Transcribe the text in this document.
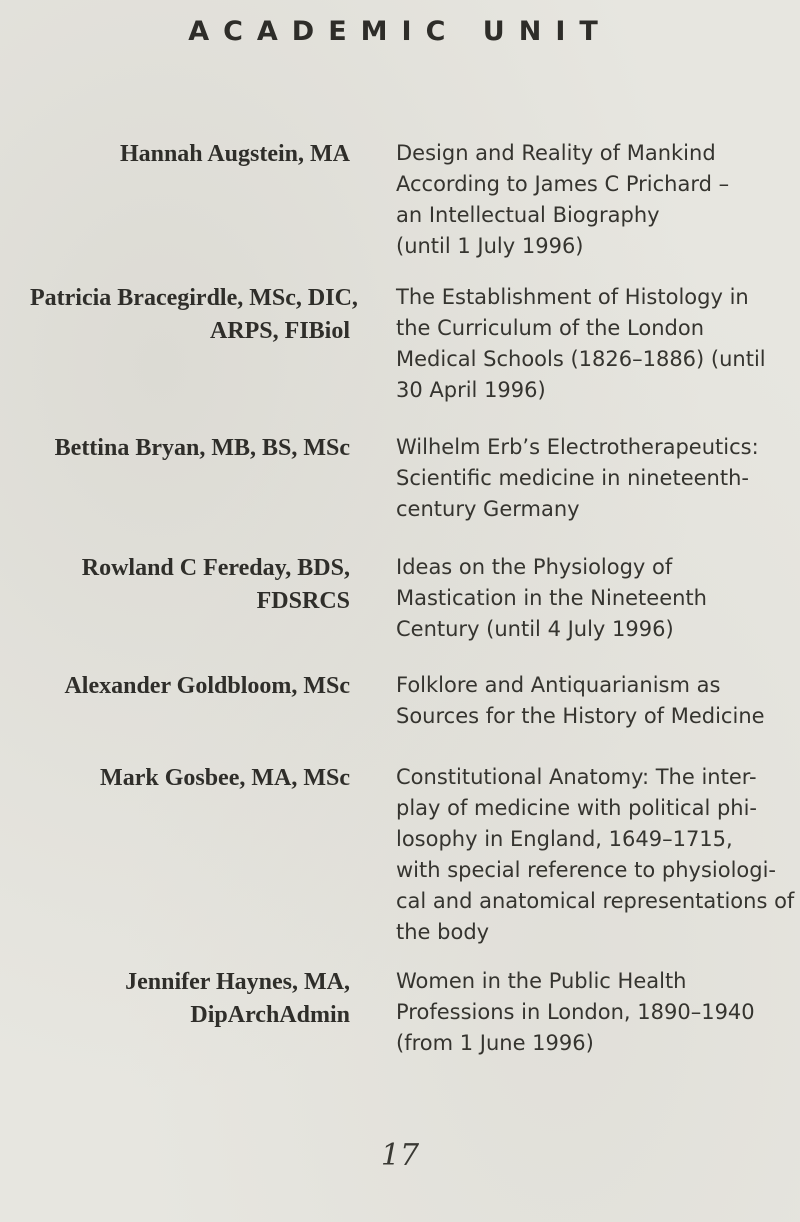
ACADEMIC UNIT
Hannah Augstein, MA Design and Reality of Mankind
According to James C Prichard –
an Intellectual Biography
(until 1 July 1996)
Patricia Bracegirdle, MSc, DIC,
ARPS, FIBiol
The Establishment of Histology in
the Curriculum of the London
Medical Schools (1826–1886) (until
30 April 1996)
Bettina Bryan, MB, BS, MSc Wilhelm Erb’s Electrotherapeutics:
Scientific medicine in nineteenth-
century Germany
Rowland C Fereday, BDS,
FDSRCS
Ideas on the Physiology of
Mastication in the Nineteenth
Century (until 4 July 1996)
Alexander Goldbloom, MSc Folklore and Antiquarianism as
Sources for the History of Medicine
Mark Gosbee, MA, MSc Constitutional Anatomy: The inter-
play of medicine with political phi-
losophy in England, 1649–1715,
with special reference to physiologi-
cal and anatomical representations of
the body
Jennifer Haynes, MA,
DipArchAdmin
Women in the Public Health
Professions in London, 1890–1940
(from 1 June 1996)
17
